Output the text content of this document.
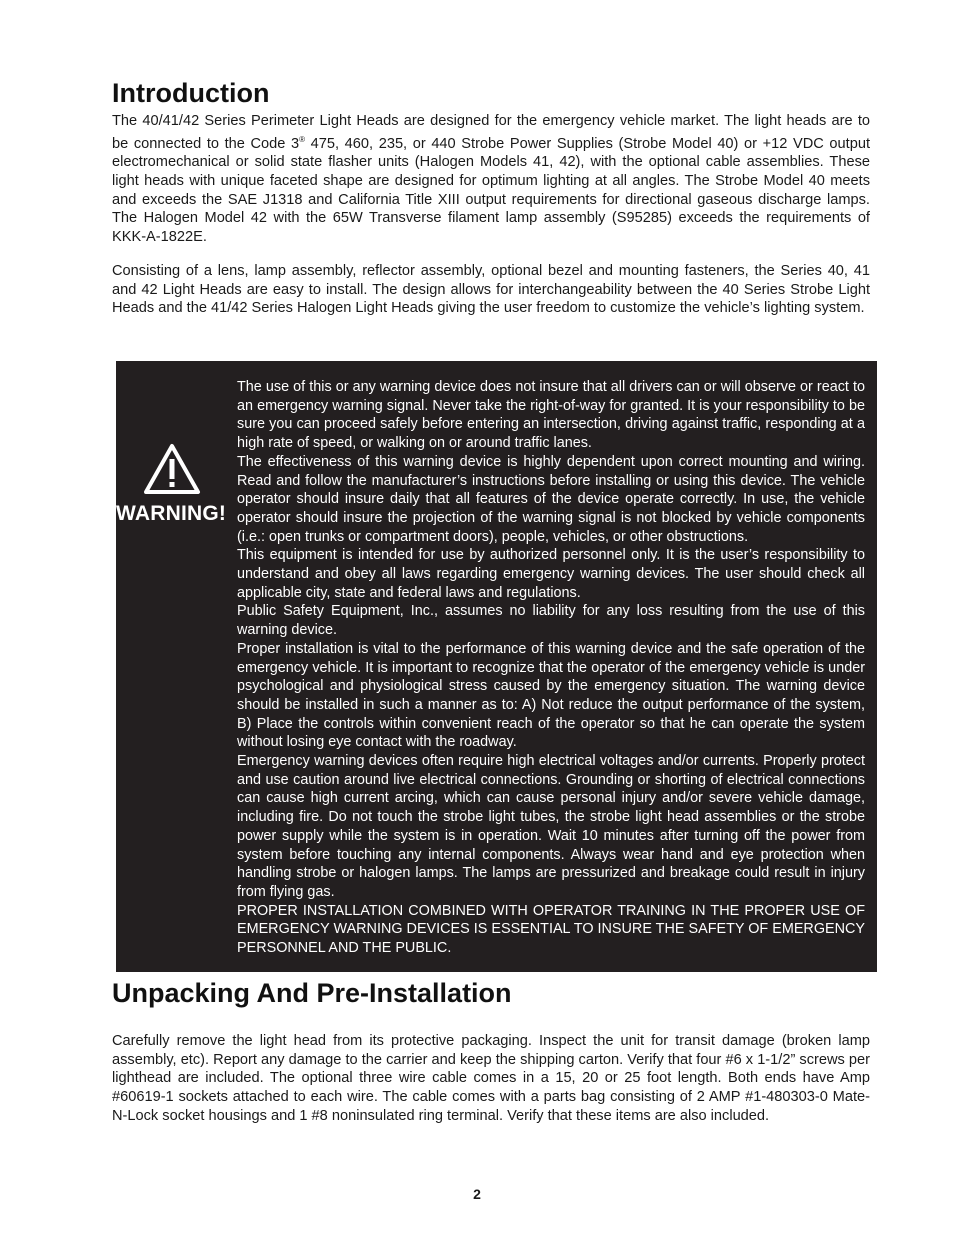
Introduction

The 40/41/42 Series Perimeter Light Heads are designed for the emergency vehicle market. The light heads are to be connected to the Code 3® 475, 460, 235, or 440 Strobe Power Supplies (Strobe Model 40) or +12 VDC output electromechanical or solid state flasher units (Halogen Models 41, 42), with the optional cable assemblies. These light heads with unique faceted shape are designed for optimum lighting at all angles. The Strobe Model 40 meets and exceeds the SAE J1318 and California Title XIII output requirements for directional gaseous discharge lamps. The Halogen Model 42 with the 65W Transverse filament lamp assembly (S95285) exceeds the requirements of KKK-A-1822E.

Consisting of a lens, lamp assembly, reflector assembly, optional bezel and mounting fasteners, the Series 40, 41 and 42 Light Heads are easy to install. The design allows for interchangeability between the 40 Series Strobe Light Heads and the 41/42 Series Halogen Light Heads giving the user freedom to customize the vehicle’s lighting system.

WARNING!

The use of this or any warning device does not insure that all drivers can or will observe or react to an emergency warning signal. Never take the right-of-way for granted. It is your responsibility to be sure you can proceed safely before entering an intersection, driving against traffic, responding at a high rate of speed, or walking on or around traffic lanes.

The effectiveness of this warning device is highly dependent upon correct mounting and wiring. Read and follow the manufacturer’s instructions before installing or using this device. The vehicle operator should insure daily that all features of the device operate correctly. In use, the vehicle operator should insure the projection of the warning signal is not blocked by vehicle components (i.e.: open trunks or compartment doors), people, vehicles, or other obstructions.

This equipment is intended for use by authorized personnel only. It is the user’s responsibility to understand and obey all laws regarding emergency warning devices. The user should check all applicable city, state and federal laws and regulations.

Public Safety Equipment, Inc., assumes no liability for any loss resulting from the use of this warning device.

Proper installation is vital to the performance of this warning device and the safe operation of the emergency vehicle. It is important to recognize that the operator of the emergency vehicle is under psychological and physiological stress caused by the emergency situation. The warning device should be installed in such a manner as to: A) Not reduce the output performance of the system, B) Place the controls within convenient reach of the operator so that he can operate the system without losing eye contact with the roadway.

Emergency warning devices often require high electrical voltages and/or currents. Properly protect and use caution around live electrical connections. Grounding or shorting of electrical connections can cause high current arcing, which can cause personal injury and/or severe vehicle damage, including fire. Do not touch the strobe light tubes, the strobe light head assemblies or the strobe power supply while the system is in operation. Wait 10 minutes after turning off the power from system before touching any internal components. Always wear hand and eye protection when handling strobe or halogen lamps. The lamps are pressurized and breakage could result in injury from flying gas.

PROPER INSTALLATION COMBINED WITH OPERATOR TRAINING IN THE PROPER USE OF EMERGENCY WARNING DEVICES IS ESSENTIAL TO INSURE THE SAFETY OF EMERGENCY PERSONNEL AND THE PUBLIC.

Unpacking And Pre-Installation

Carefully remove the light head from its protective packaging. Inspect the unit for transit damage (broken lamp assembly, etc). Report any damage to the carrier and keep the shipping carton. Verify that four #6 x 1-1/2” screws per lighthead are included. The optional three wire cable comes in a 15, 20 or 25 foot length. Both ends have Amp #60619-1 sockets attached to each wire. The cable comes with a parts bag consisting of 2 AMP #1-480303-0 Mate-N-Lock socket housings and 1 #8 noninsulated ring terminal. Verify that these items are also included.

2
